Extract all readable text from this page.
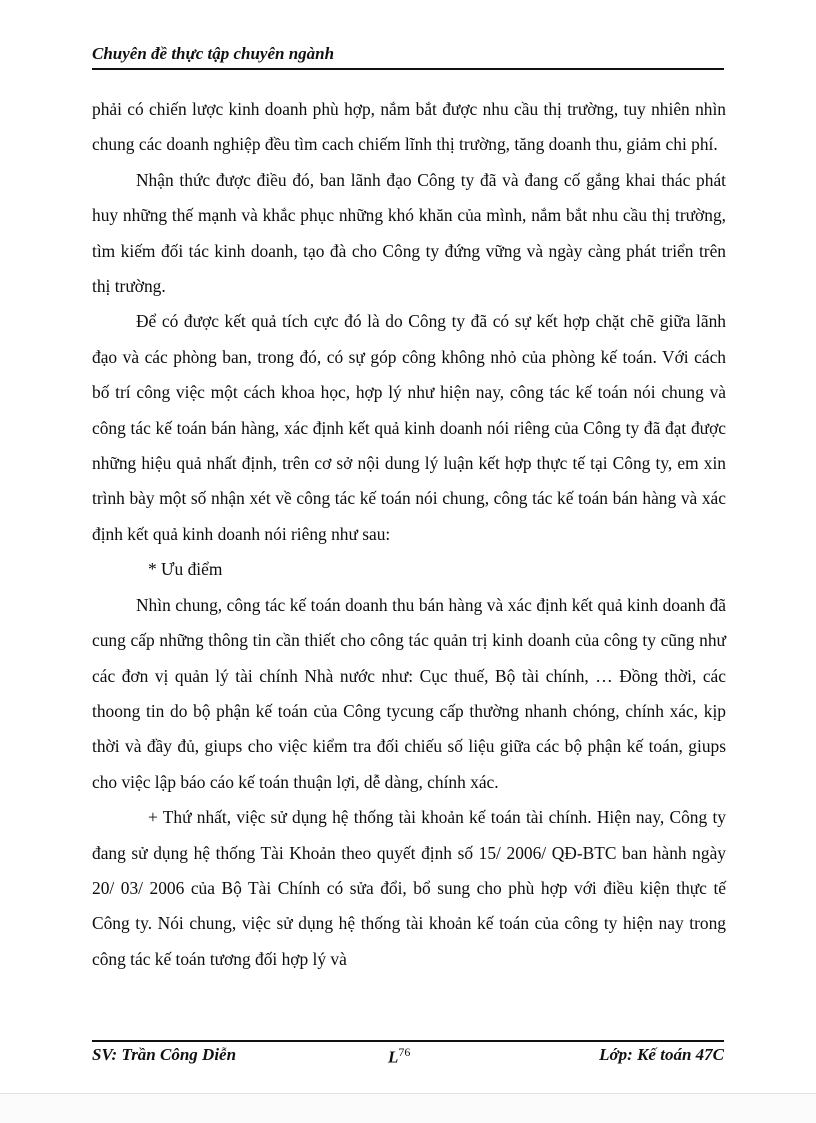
Chuyên đề thực tập chuyên ngành

phải có chiến lược kinh doanh phù hợp, nắm bắt được nhu cầu thị trường, tuy nhiên nhìn chung các doanh nghiệp đều tìm cach chiếm lĩnh thị trường, tăng doanh thu, giảm chi phí.

Nhận thức được điều đó, ban lãnh đạo Công ty đã và đang cố gắng khai thác phát huy những thế mạnh và khắc phục những khó khăn của mình, nắm bắt nhu cầu thị trường, tìm kiếm đối tác kinh doanh, tạo đà cho Công ty đứng vững và ngày càng phát triển trên thị trường.

Để có được kết quả tích cực đó là do Công ty đã có sự kết hợp chặt chẽ giữa lãnh đạo và các phòng ban, trong đó, có sự góp công không nhỏ của phòng kế toán. Với cách bố trí công việc một cách khoa học, hợp lý như hiện nay, công tác kế toán nói chung và công tác kế toán bán hàng, xác định kết quả kinh doanh nói riêng của Công ty đã đạt được những hiệu quả nhất định, trên cơ sở nội dung lý luận kết hợp thực tế tại Công ty, em xin trình bày một số nhận xét về công tác kế toán nói chung, công tác kế toán bán hàng và xác định kết quả kinh doanh nói riêng như sau:

* Ưu điểm

Nhìn chung, công tác kế toán doanh thu bán hàng và xác định kết quả kinh doanh đã cung cấp những thông tin cần thiết cho công tác quản trị kinh doanh của công ty cũng như các đơn vị quản lý tài chính Nhà nước như: Cục thuế, Bộ tài chính, … Đồng thời, các thoong tin do bộ phận kế toán của Công tycung cấp thường nhanh chóng, chính xác, kịp thời và đầy đủ, giups cho việc kiểm tra đối chiếu số liệu giữa các bộ phận kế toán, giups cho việc lập báo cáo kế toán thuận lợi, dễ dàng, chính xác.

+ Thứ nhất, việc sử dụng hệ thống tài khoản kế toán tài chính. Hiện nay, Công ty đang sử dụng hệ thống Tài Khoản theo quyết định số 15/ 2006/ QĐ-BTC ban hành ngày 20/ 03/ 2006 của Bộ Tài Chính có sửa đổi, bổ sung cho phù hợp với điều kiện thực tế Công ty. Nói chung, việc sử dụng hệ thống tài khoản kế toán của công ty hiện nay trong công tác kế toán tương đối hợp lý và

SV: Trần Công Diễn	$L^{76}$	Lớp: Kế toán 47C
